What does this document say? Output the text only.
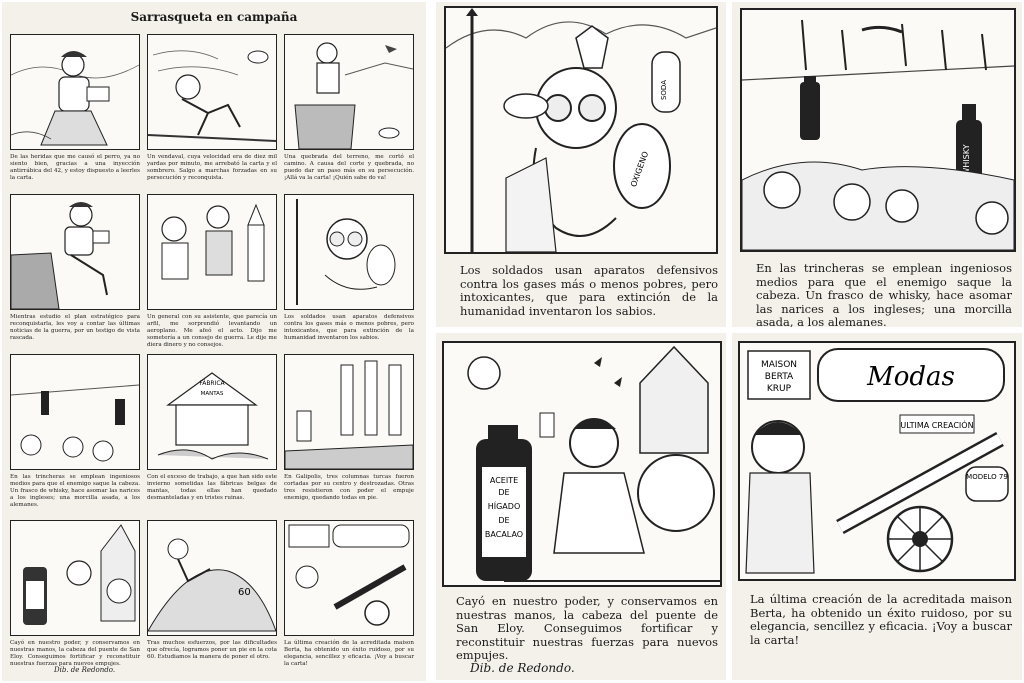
Sarrasqueta en campaña
De las heridas que me causó el perro, ya no siento bien, gracias a una inyección antirrábica del 42, y estoy dispuesto a leerles la carta.
Un vendaval, cuya velocidad era de diez mil yardas por minuto, me arrebató la carta y el sombrero. Salgo a marchas forzadas en su persecución y reconquista.
Una quebrada del terreno, me cortó el camino. A causa del corte y quebrada, no puedo dar un paso más en su persecución. ¡Allá va la carta! ¡Quién sabe do va!
Mientras estudio el plan estratégico para reconquistarla, les voy a contar las últimas noticias de la guerra, por un testigo de vista rascada.
Un general con su asistente, que parecía un arfil, me sorprendió levantando un aeroplano. Me afeó el acto. Dijo me sometería a un consejo de guerra. Le dije me diera dinero y no consejos.
Los soldados usan aparatos defensivos contra los gases más o menos pobres, pero intoxicantes, que para extinción de la humanidad inventaron los sabios.
En las trincheras se emplean ingeniosos medios para que el enemigo saque la cabeza. Un frasco de whisky, hace asomar las narices a los ingleses; una morcilla asada, a los alemanes.
FÁBRICA
MANTAS
Con el exceso de trabajo, a que han sido este invierno sometidas las fábricas belgas de mantas, todas ellas han quedado desmanteladas y en tristes ruinas.
En Galipolis, tres columnas turcas fueron cortadas por su centro y destrozadas. Otras tres resistieron con poder el empuje enemigo, quedando todas en pie.
Cayó en nuestro poder, y conservamos en nuestras manos, la cabeza del puente de San Eloy. Conseguimos fortificar y reconstituir nuestras fuerzas para nuevos empujes.
60
Tras muchos esfuerzos, por las dificultades que ofrecía, logramos poner un pie en la cota 60. Estudiamos la manera de poner el otro.
La última creación de la acreditada maison Berta, ha obtenido un éxito ruidoso, por su elegancia, sencillez y eficacia. ¡Voy a buscar la carta!
Dib. de Redondo.
SODA
OXIGENO
Los soldados usan aparatos defensivos contra los gases más o menos pobres, pero intoxicantes, que para extinción de la humanidad inventaron los sabios.
WHISKY
En las trincheras se emplean ingeniosos medios para que el enemigo saque la cabeza. Un frasco de whisky, hace asomar las narices a los ingleses; una morcilla asada, a los alemanes.
ACEITE
DE
HÍGADO
DE
BACALAO
Cayó en nuestro poder, y conservamos en nuestras manos, la cabeza del puente de San Eloy. Conseguimos fortificar y reconstituir nuestras fuerzas para nuevos empujes.
Dib. de Redondo.
MAISON
BERTA
KRUP	Modas
ULTIMA CREACIÓN
MODELO 79
La última creación de la acreditada maison Berta, ha obtenido un éxito ruidoso, por su elegancia, sencillez y eficacia. ¡Voy a buscar la carta!
